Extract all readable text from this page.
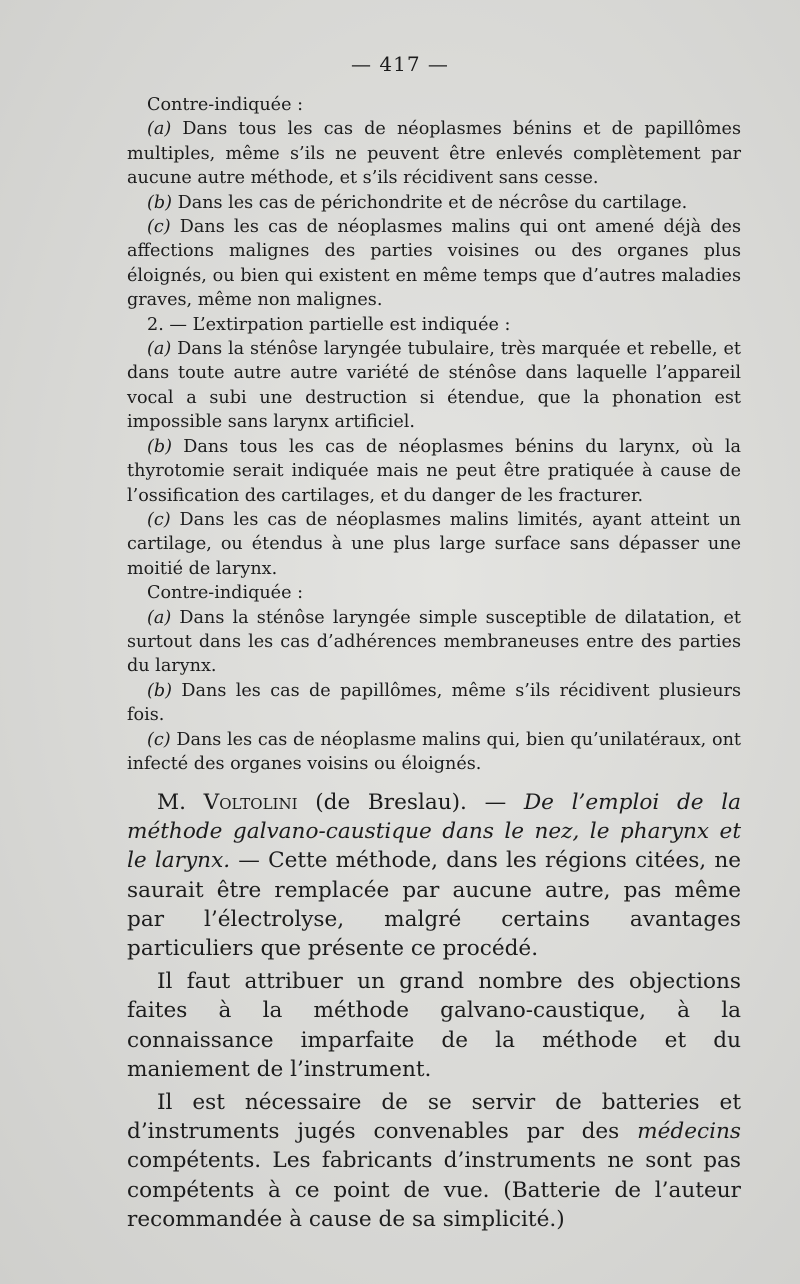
— 417 —

Contre-indiquée :

(a) Dans tous les cas de néoplasmes bénins et de papillômes multiples, même s’ils ne peuvent être enlevés complètement par aucune autre méthode, et s’ils récidivent sans cesse.

(b) Dans les cas de périchondrite et de nécrôse du cartilage.

(c) Dans les cas de néoplasmes malins qui ont amené déjà des affections malignes des parties voisines ou des organes plus éloignés, ou bien qui existent en même temps que d’autres maladies graves, même non malignes.

2. — L’extirpation partielle est indiquée :

(a) Dans la sténôse laryngée tubulaire, très marquée et rebelle, et dans toute autre autre variété de sténôse dans laquelle l’appareil vocal a subi une destruction si étendue, que la phonation est impossible sans larynx artificiel.

(b) Dans tous les cas de néoplasmes bénins du larynx, où la thyrotomie serait indiquée mais ne peut être pratiquée à cause de l’ossification des cartilages, et du danger de les fracturer.

(c) Dans les cas de néoplasmes malins limités, ayant atteint un cartilage, ou étendus à une plus large surface sans dépasser une moitié de larynx.

Contre-indiquée :

(a) Dans la sténôse laryngée simple susceptible de dilatation, et surtout dans les cas d’adhérences membraneuses entre des parties du larynx.

(b) Dans les cas de papillômes, même s’ils récidivent plusieurs fois.

(c) Dans les cas de néoplasme malins qui, bien qu’unilatéraux, ont infecté des organes voisins ou éloignés.

M. Voltolini (de Breslau). — De l’emploi de la méthode galvano-caustique dans le nez, le pharynx et le larynx. — Cette méthode, dans les régions citées, ne saurait être remplacée par aucune autre, pas même par l’électrolyse, malgré certains avantages particuliers que présente ce procédé.

Il faut attribuer un grand nombre des objections faites à la méthode galvano-caustique, à la connaissance imparfaite de la méthode et du maniement de l’instrument.

Il est nécessaire de se servir de batteries et d’instruments jugés convenables par des médecins compétents. Les fabricants d’instruments ne sont pas compétents à ce point de vue. (Batterie de l’auteur recommandée à cause de sa simplicité.)
